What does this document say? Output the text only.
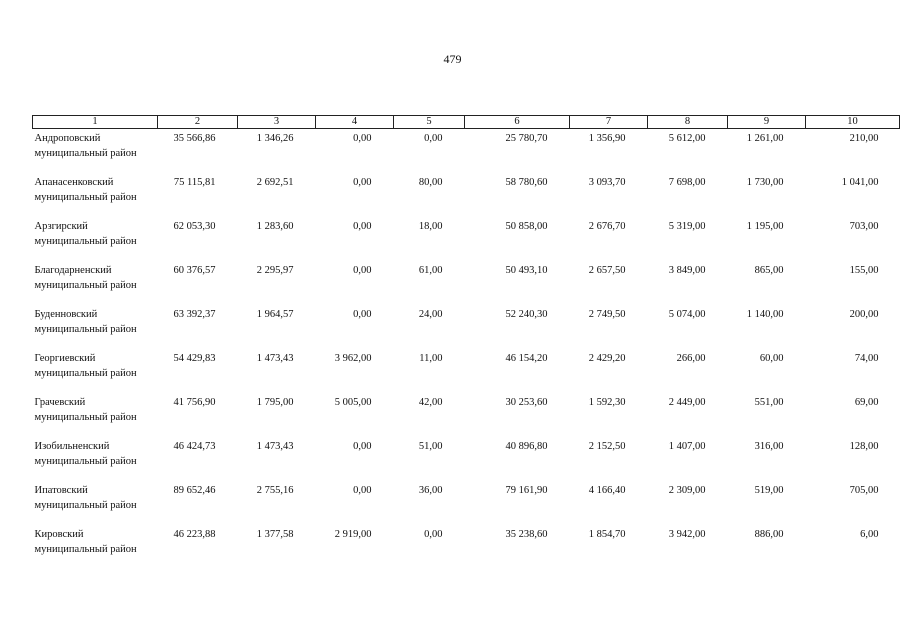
479
1	2	3	4	5	6	7	8	9	10

Андроповский
муниципальный район	35 566,86	1 346,26	0,00	0,00	25 780,70	1 356,90	5 612,00	1 261,00	210,00

Апанасенковский
муниципальный район	75 115,81	2 692,51	0,00	80,00	58 780,60	3 093,70	7 698,00	1 730,00	1 041,00

Арзгирский
муниципальный район	62 053,30	1 283,60	0,00	18,00	50 858,00	2 676,70	5 319,00	1 195,00	703,00

Благодарненский
муниципальный район	60 376,57	2 295,97	0,00	61,00	50 493,10	2 657,50	3 849,00	865,00	155,00

Буденновский
муниципальный район	63 392,37	1 964,57	0,00	24,00	52 240,30	2 749,50	5 074,00	1 140,00	200,00

Георгиевский
муниципальный район	54 429,83	1 473,43	3 962,00	11,00	46 154,20	2 429,20	266,00	60,00	74,00

Грачевский
муниципальный район	41 756,90	1 795,00	5 005,00	42,00	30 253,60	1 592,30	2 449,00	551,00	69,00

Изобильненский
муниципальный район	46 424,73	1 473,43	0,00	51,00	40 896,80	2 152,50	1 407,00	316,00	128,00

Ипатовский
муниципальный район	89 652,46	2 755,16	0,00	36,00	79 161,90	4 166,40	2 309,00	519,00	705,00

Кировский
муниципальный район	46 223,88	1 377,58	2 919,00	0,00	35 238,60	1 854,70	3 942,00	886,00	6,00
